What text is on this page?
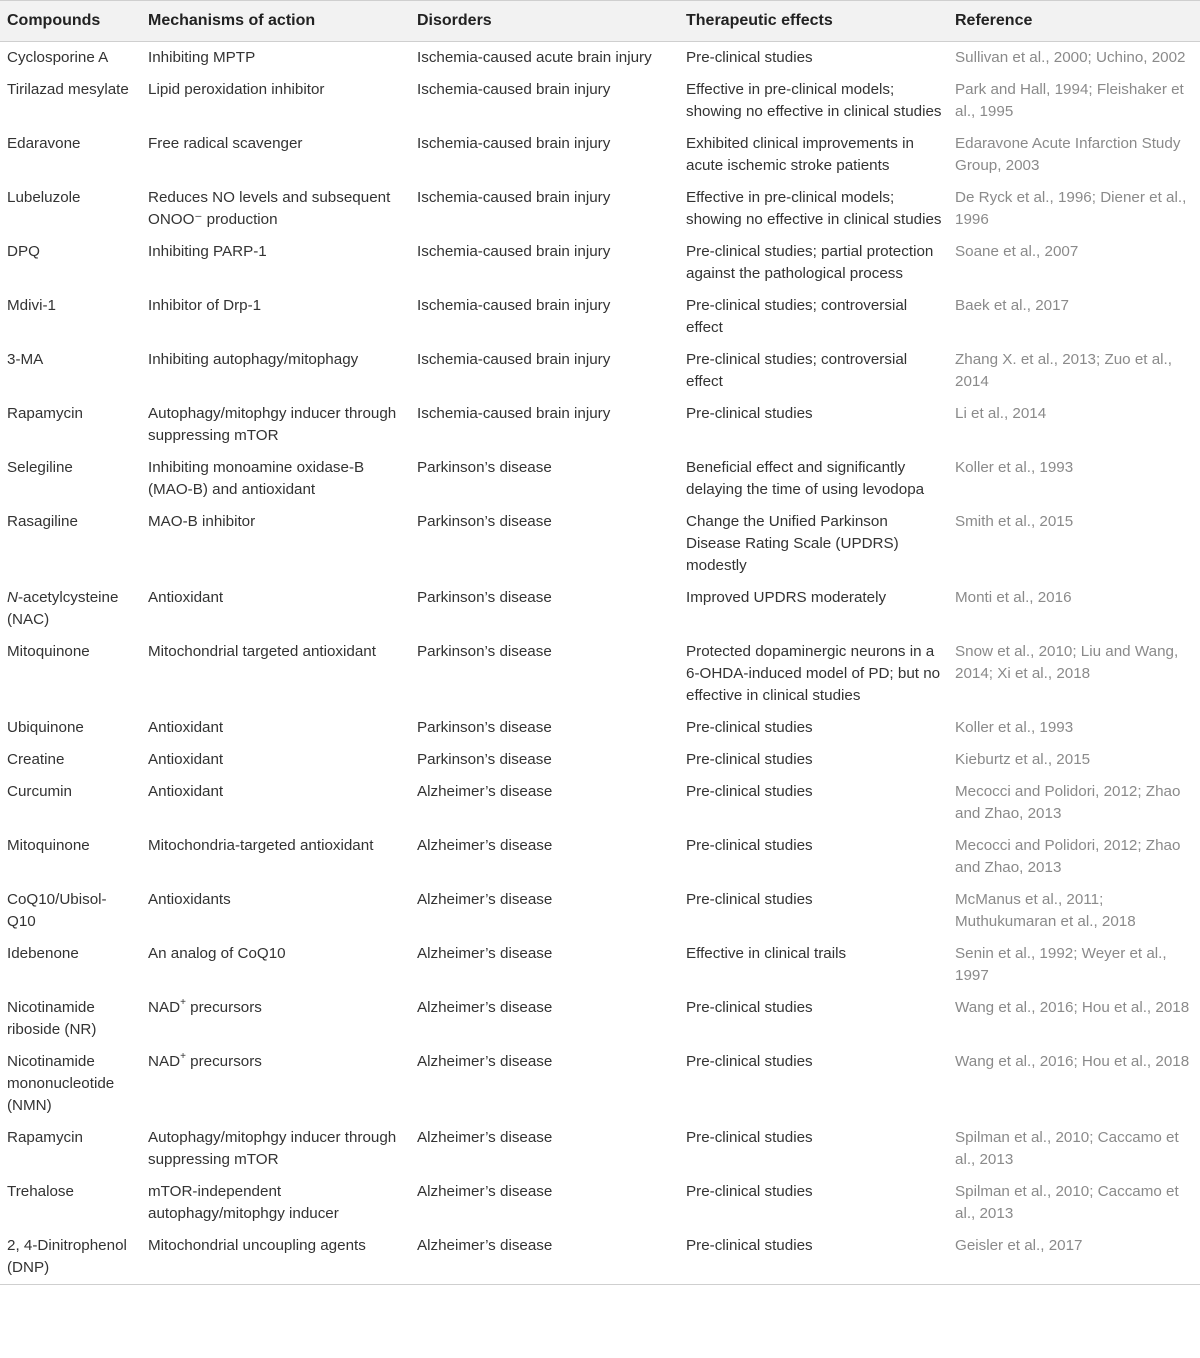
Compounds	Mechanisms of action	Disorders	Therapeutic effects	Reference
Cyclosporine A	Inhibiting MPTP	Ischemia-caused acute brain injury	Pre-clinical studies	Sullivan et al., 2000; Uchino, 2002
Tirilazad mesylate	Lipid peroxidation inhibitor	Ischemia-caused brain injury	Effective in pre-clinical models; showing no effective in clinical studies	Park and Hall, 1994; Fleishaker et al., 1995
Edaravone	Free radical scavenger	Ischemia-caused brain injury	Exhibited clinical improvements in acute ischemic stroke patients	Edaravone Acute Infarction Study Group, 2003
Lubeluzole	Reduces NO levels and subsequent ONOO⁻ production	Ischemia-caused brain injury	Effective in pre-clinical models; showing no effective in clinical studies	De Ryck et al., 1996; Diener et al., 1996
DPQ	Inhibiting PARP-1	Ischemia-caused brain injury	Pre-clinical studies; partial protection against the pathological process	Soane et al., 2007
Mdivi-1	Inhibitor of Drp-1	Ischemia-caused brain injury	Pre-clinical studies; controversial effect	Baek et al., 2017
3-MA	Inhibiting autophagy/mitophagy	Ischemia-caused brain injury	Pre-clinical studies; controversial effect	Zhang X. et al., 2013; Zuo et al., 2014
Rapamycin	Autophagy/mitophgy inducer through suppressing mTOR	Ischemia-caused brain injury	Pre-clinical studies	Li et al., 2014
Selegiline	Inhibiting monoamine oxidase-B (MAO-B) and antioxidant	Parkinson’s disease	Beneficial effect and significantly delaying the time of using levodopa	Koller et al., 1993
Rasagiline	MAO-B inhibitor	Parkinson’s disease	Change the Unified Parkinson Disease Rating Scale (UPDRS) modestly	Smith et al., 2015
N-acetylcysteine (NAC)	Antioxidant	Parkinson’s disease	Improved UPDRS moderately	Monti et al., 2016
Mitoquinone	Mitochondrial targeted antioxidant	Parkinson’s disease	Protected dopaminergic neurons in a 6-OHDA-induced model of PD; but no effective in clinical studies	Snow et al., 2010; Liu and Wang, 2014; Xi et al., 2018
Ubiquinone	Antioxidant	Parkinson’s disease	Pre-clinical studies	Koller et al., 1993
Creatine	Antioxidant	Parkinson’s disease	Pre-clinical studies	Kieburtz et al., 2015
Curcumin	Antioxidant	Alzheimer’s disease	Pre-clinical studies	Mecocci and Polidori, 2012; Zhao and Zhao, 2013
Mitoquinone	Mitochondria-targeted antioxidant	Alzheimer’s disease	Pre-clinical studies	Mecocci and Polidori, 2012; Zhao and Zhao, 2013
CoQ10/Ubisol-Q10	Antioxidants	Alzheimer’s disease	Pre-clinical studies	McManus et al., 2011; Muthukumaran et al., 2018
Idebenone	An analog of CoQ10	Alzheimer’s disease	Effective in clinical trails	Senin et al., 1992; Weyer et al., 1997
Nicotinamide riboside (NR)	NAD+ precursors	Alzheimer’s disease	Pre-clinical studies	Wang et al., 2016; Hou et al., 2018
Nicotinamide mononucleotide (NMN)	NAD+ precursors	Alzheimer’s disease	Pre-clinical studies	Wang et al., 2016; Hou et al., 2018
Rapamycin	Autophagy/mitophgy inducer through suppressing mTOR	Alzheimer’s disease	Pre-clinical studies	Spilman et al., 2010; Caccamo et al., 2013
Trehalose	mTOR-independent autophagy/mitophgy inducer	Alzheimer’s disease	Pre-clinical studies	Spilman et al., 2010; Caccamo et al., 2013
2, 4-Dinitrophenol (DNP)	Mitochondrial uncoupling agents	Alzheimer’s disease	Pre-clinical studies	Geisler et al., 2017
